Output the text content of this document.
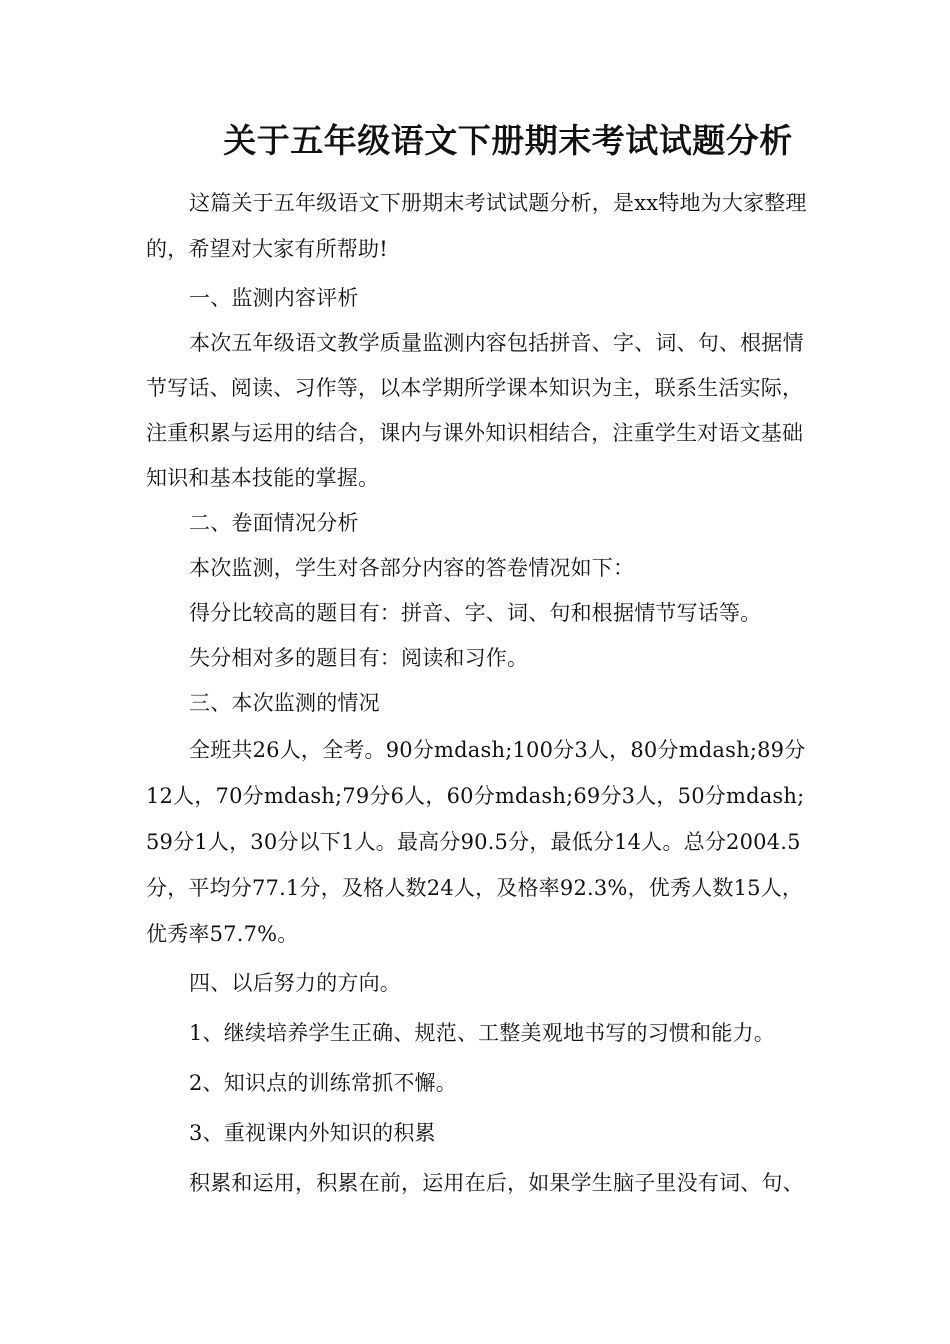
关于五年级语文下册期末考试试题分析

这篇关于五年级语文下册期末考试试题分析，是xx特地为大家整理的，希望对大家有所帮助!

一、监测内容评析

本次五年级语文教学质量监测内容包括拼音、字、词、句、根据情节写话、阅读、习作等，以本学期所学课本知识为主，联系生活实际，注重积累与运用的结合，课内与课外知识相结合，注重学生对语文基础知识和基本技能的掌握。

二、卷面情况分析

本次监测，学生对各部分内容的答卷情况如下：

得分比较高的题目有：拼音、字、词、句和根据情节写话等。

失分相对多的题目有：阅读和习作。

三、本次监测的情况

全班共26人，全考。90分mdash;100分3人，80分mdash;89分12人，70分mdash;79分6人，60分mdash;69分3人，50分mdash;59分1人，30分以下1人。最高分90.5分，最低分14人。总分2004.5分，平均分77.1分，及格人数24人，及格率92.3%，优秀人数15人，优秀率57.7%。

四、以后努力的方向。

1、继续培养学生正确、规范、工整美观地书写的习惯和能力。

2、知识点的训练常抓不懈。

3、重视课内外知识的积累

积累和运用，积累在前，运用在后，如果学生脑子里没有词、句、
